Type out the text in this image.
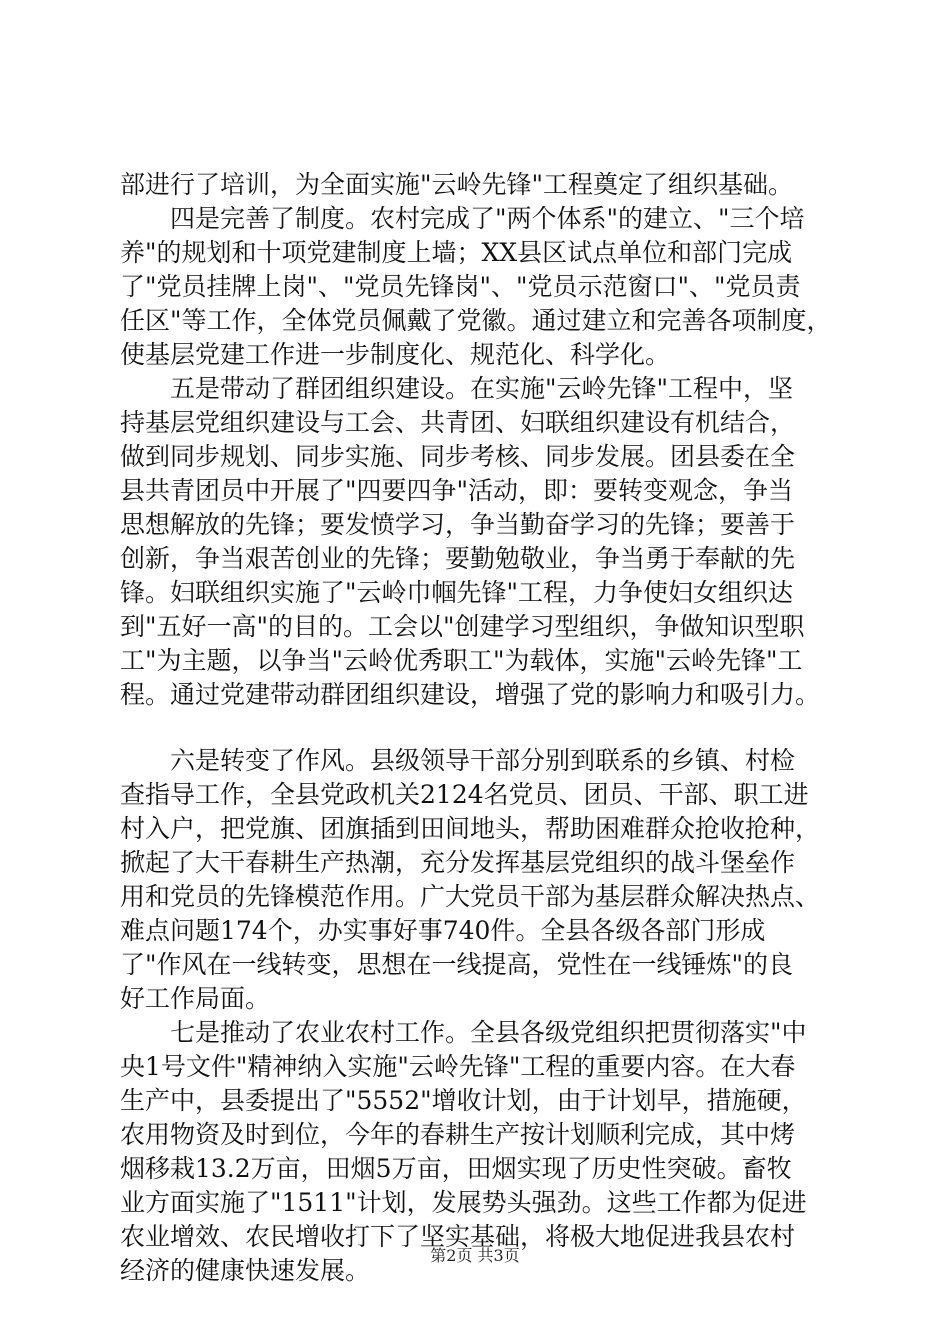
部进行了培训，为全面实施"云岭先锋"工程奠定了组织基础。
　　四是完善了制度。农村完成了"两个体系"的建立、"三个培
养"的规划和十项党建制度上墙；XX县区试点单位和部门完成
了"党员挂牌上岗"、"党员先锋岗"、"党员示范窗口"、"党员责
任区"等工作，全体党员佩戴了党徽。通过建立和完善各项制度，
使基层党建工作进一步制度化、规范化、科学化。
　　五是带动了群团组织建设。在实施"云岭先锋"工程中，坚
持基层党组织建设与工会、共青团、妇联组织建设有机结合，
做到同步规划、同步实施、同步考核、同步发展。团县委在全
县共青团员中开展了"四要四争"活动，即：要转变观念，争当
思想解放的先锋；要发愤学习，争当勤奋学习的先锋；要善于
创新，争当艰苦创业的先锋；要勤勉敬业，争当勇于奉献的先
锋。妇联组织实施了"云岭巾帼先锋"工程，力争使妇女组织达
到"五好一高"的目的。工会以"创建学习型组织，争做知识型职
工"为主题，以争当"云岭优秀职工"为载体，实施"云岭先锋"工
程。通过党建带动群团组织建设，增强了党的影响力和吸引力。
　　六是转变了作风。县级领导干部分别到联系的乡镇、村检
查指导工作，全县党政机关2124名党员、团员、干部、职工进
村入户，把党旗、团旗插到田间地头，帮助困难群众抢收抢种，
掀起了大干春耕生产热潮，充分发挥基层党组织的战斗堡垒作
用和党员的先锋模范作用。广大党员干部为基层群众解决热点、
难点问题174个，办实事好事740件。全县各级各部门形成
了"作风在一线转变，思想在一线提高，党性在一线锤炼"的良
好工作局面。
　　七是推动了农业农村工作。全县各级党组织把贯彻落实"中
央1号文件"精神纳入实施"云岭先锋"工程的重要内容。在大春
生产中，县委提出了"5552"增收计划，由于计划早，措施硬，
农用物资及时到位，今年的春耕生产按计划顺利完成，其中烤
烟移栽13.2万亩，田烟5万亩，田烟实现了历史性突破。畜牧
业方面实施了"1511"计划，发展势头强劲。这些工作都为促进
农业增效、农民增收打下了坚实基础，将极大地促进我县农村
经济的健康快速发展。
第2页 共3页
